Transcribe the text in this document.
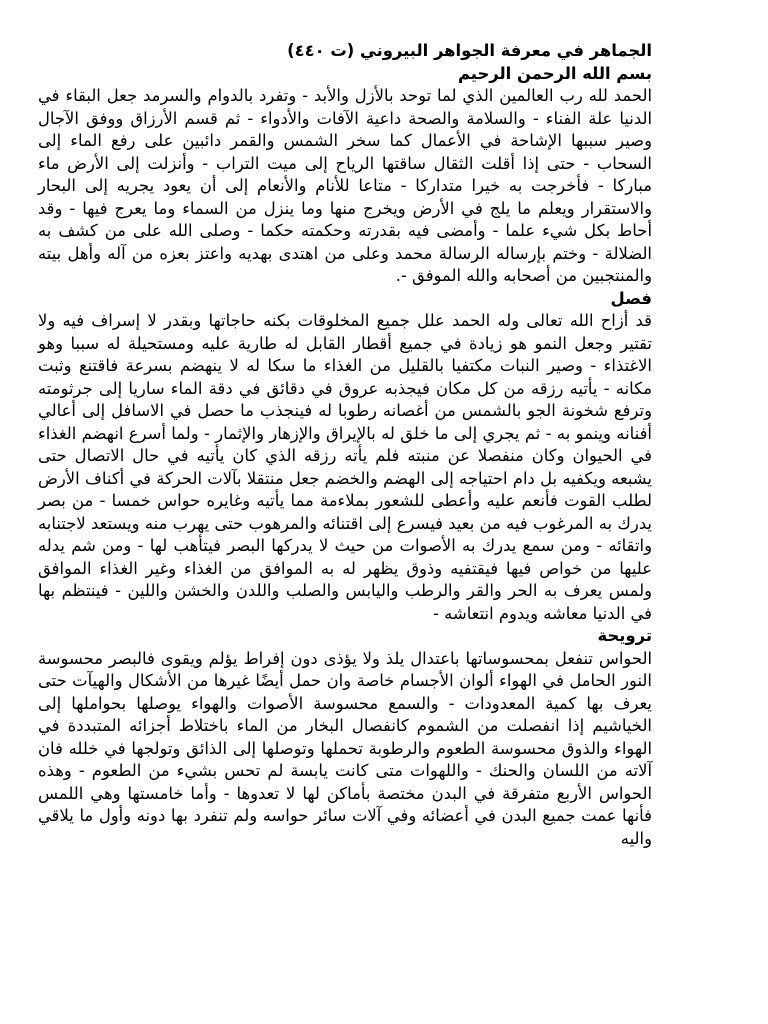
الجماهر في معرفة الجواهر البيروني (ت ٤٤٠)

بسم الله الرحمن الرحيم

الحمد لله رب العالمين الذي لما توحد بالأزل والأبد - وتفرد بالدوام والسرمد جعل البقاء في الدنيا علة الفناء - والسلامة والصحة داعية الآفات والأدواء - ثم قسم الأرزاق ووفق الآجال وصير سببها الإشاحة في الأعمال كما سخر الشمس والقمر دائبين على رفع الماء إلى السحاب - حتى إذا أقلت الثقال ساقتها الرياح إلى ميت التراب - وأنزلت إلى الأرض ماء مباركا - فأخرجت به خيرا متداركا - متاعا للأنام والأنعام إلى أن يعود يجريه إلى البحار والاستقرار ويعلم ما يلج في الأرض ويخرج منها وما ينزل من السماء وما يعرج فيها - وقد أحاط بكل شيء علما - وأمضى فيه بقدرته وحكمته حكما - وصلى الله على من كشف به الضلالة - وختم بإرساله الرسالة محمد وعلى من اهتدى بهديه واعتز بعزه من آله وأهل بيته والمنتجبين من أصحابه والله الموفق -.

فصل

قد أزاح الله تعالى وله الحمد علل جميع المخلوقات بكنه حاجاتها وبقدر لا إسراف فيه ولا تقتير وجعل النمو هو زيادة في جميع أقطار القابل له طارية عليه ومستحيلة له سببا وهو الاغتذاء - وصير النبات مكتفيا بالقليل من الغذاء ما سكا له لا ينهضم بسرعة فاقتنع وثبت مكانه - يأتيه رزقه من كل مكان فيجذبه عروق في دقائق في دقة الماء ساريا إلى جرثومته وترفع شخونة الجو بالشمس من أغصانه رطوبا له فينجذب ما حصل في الاسافل إلى أعالي أفنانه وينمو به - ثم يجري إلى ما خلق له بالإيراق والإزهار والإثمار - ولما أسرع انهضم الغذاء في الحيوان وكان منفصلا عن منبته فلم يأته رزقه الذي كان يأتيه في حال الاتصال حتى يشبعه ويكفيه بل دام احتياجه إلى الهضم والخضم جعل منتقلا بآلات الحركة في أكناف الأرض لطلب القوت فأنعم عليه وأعطى للشعور بملاءمة مما يأتيه وغايره حواس خمسا - من بصر يدرك به المرغوب فيه من بعيد فيسرع إلى اقتنائه والمرهوب حتى يهرب منه ويستعد لاجتنابه واتقائه - ومن سمع يدرك به الأصوات من حيث لا يدركها البصر فيتأهب لها - ومن شم يدله عليها من خواص فيها فيقتفيه وذوق يظهر له به الموافق من الغذاء وغير الغذاء الموافق ولمس يعرف به الحر والقر والرطب واليابس والصلب واللدن والخشن واللين - فينتظم بها في الدنيا معاشه ويدوم انتعاشه -

ترويحة

الحواس تنفعل بمحسوساتها باعتدال يلذ ولا يؤذى دون إفراط يؤلم ويقوى فالبصر محسوسة النور الحامل في الهواء ألوان الأجسام خاصة وان حمل أيضًا غيرها من الأشكال والهيآت حتى يعرف بها كمية المعدودات - والسمع محسوسة الأصوات والهواء يوصلها بحواملها إلى الخياشيم إذا انفصلت من الشموم كانفصال البخار من الماء باختلاط أجزائه المتبددة في الهواء والذوق محسوسة الطعوم والرطوبة تحملها وتوصلها إلى الذائق وتولجها في خلله فان آلاته من اللسان والحنك - واللهوات متى كانت يابسة لم تحس بشيء من الطعوم - وهذه الحواس الأربع متفرقة في البدن مختصة بأماكن لها لا تعدوها - وأما خامستها وهي اللمس فأنها عمت جميع البدن في أعضائه وفي آلات سائر حواسه ولم تنفرد بها دونه وأول ما يلاقي واليه
